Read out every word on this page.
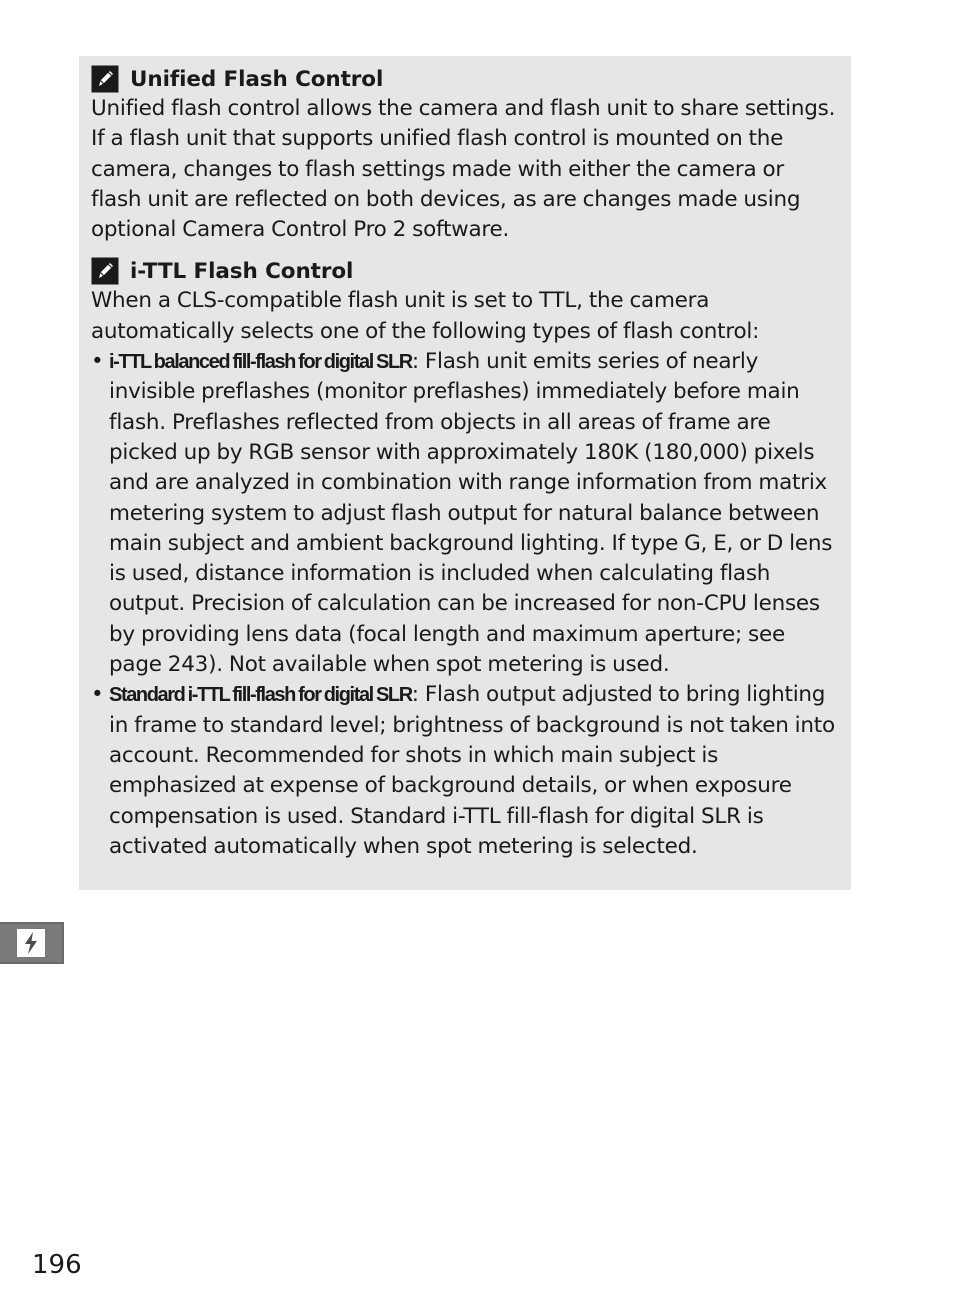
Unified Flash Control

Unified flash control allows the camera and flash unit to share settings. If a flash unit that supports unified flash control is mounted on the camera, changes to flash settings made with either the camera or flash unit are reflected on both devices, as are changes made using optional Camera Control Pro 2 software.

i-TTL Flash Control

When a CLS-compatible flash unit is set to TTL, the camera automatically selects one of the following types of flash control:

• i-TTL balanced fill-flash for digital SLR: Flash unit emits series of nearly invisible preflashes (monitor preflashes) immediately before main flash. Preflashes reflected from objects in all areas of frame are picked up by RGB sensor with approximately 180K (180,000) pixels and are analyzed in combination with range information from matrix metering system to adjust flash output for natural balance between main subject and ambient background lighting. If type G, E, or D lens is used, distance information is included when calculating flash output. Precision of calculation can be increased for non-CPU lenses by providing lens data (focal length and maximum aperture; see page 243). Not available when spot metering is used.
• Standard i-TTL fill-flash for digital SLR: Flash output adjusted to bring lighting in frame to standard level; brightness of background is not taken into account. Recommended for shots in which main subject is emphasized at expense of background details, or when exposure compensation is used. Standard i-TTL fill-flash for digital SLR is activated automatically when spot metering is selected.
196
